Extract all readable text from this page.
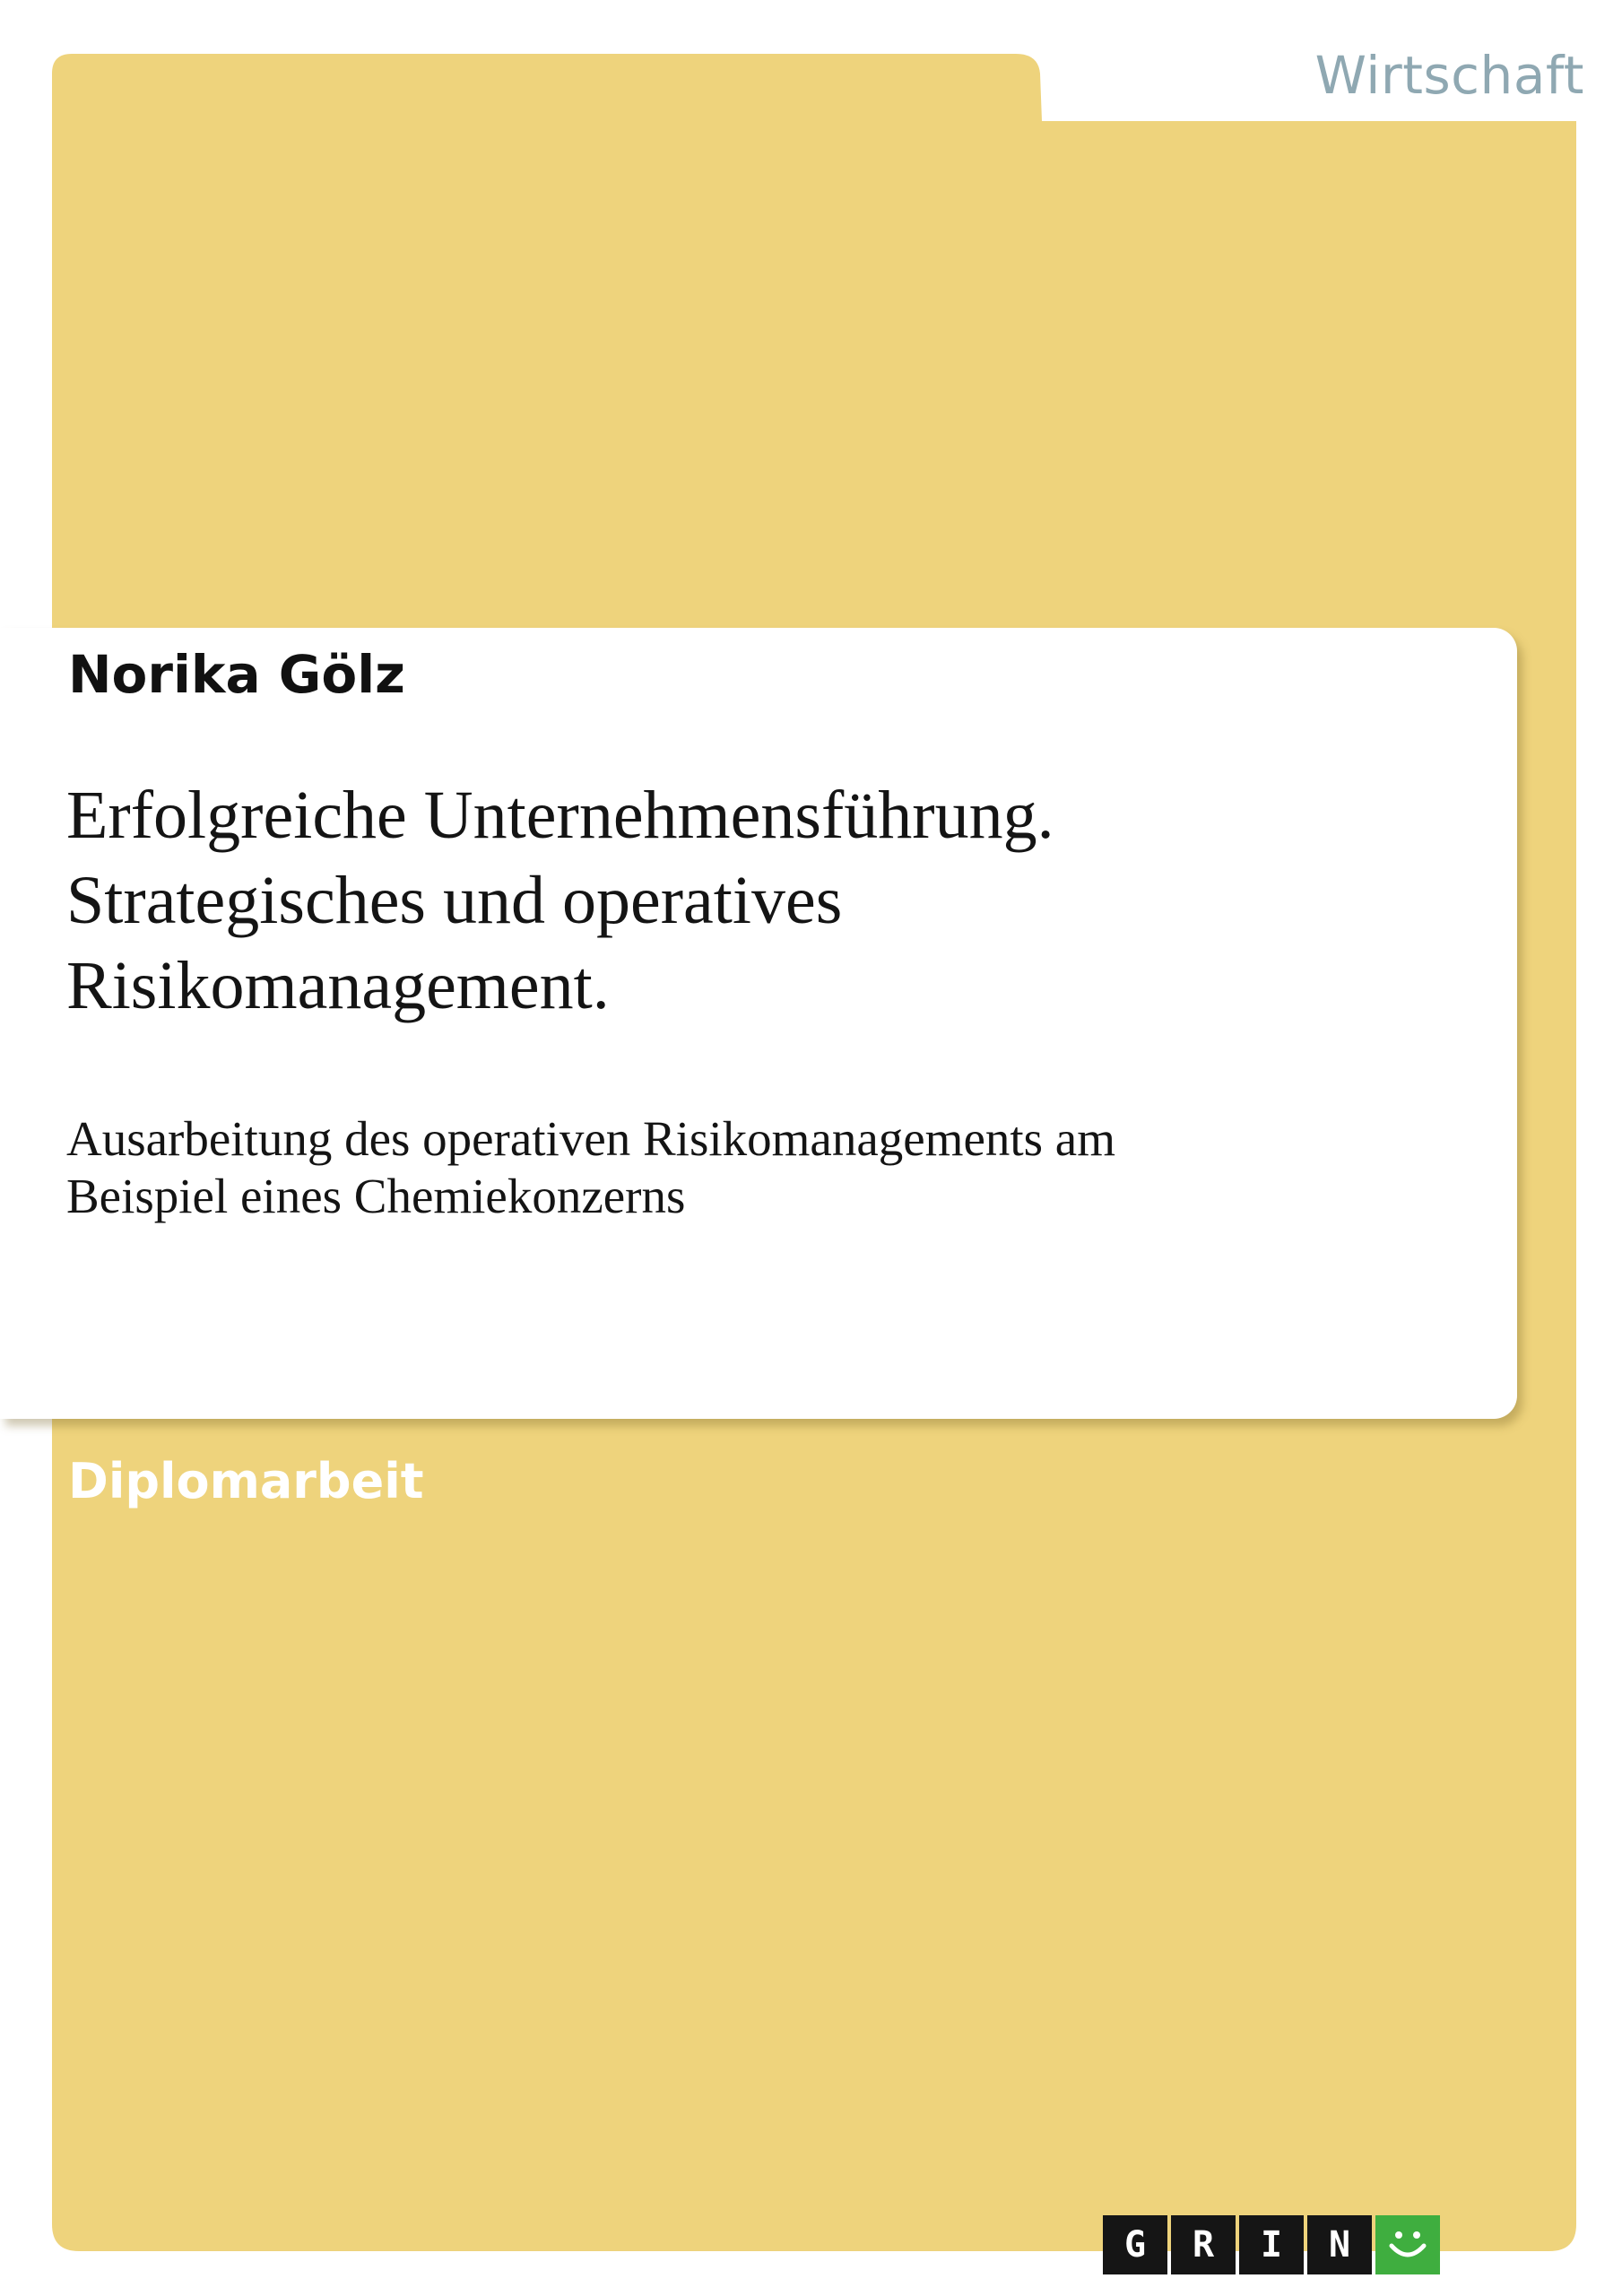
Wirtschaft
Norika Gölz
Erfolgreiche Unternehmensführung.
Strategisches und operatives
Risikomanagement.
Ausarbeitung des operativen Risikomanagements am
Beispiel eines Chemiekonzerns
Diplomarbeit
G	R	I	N
